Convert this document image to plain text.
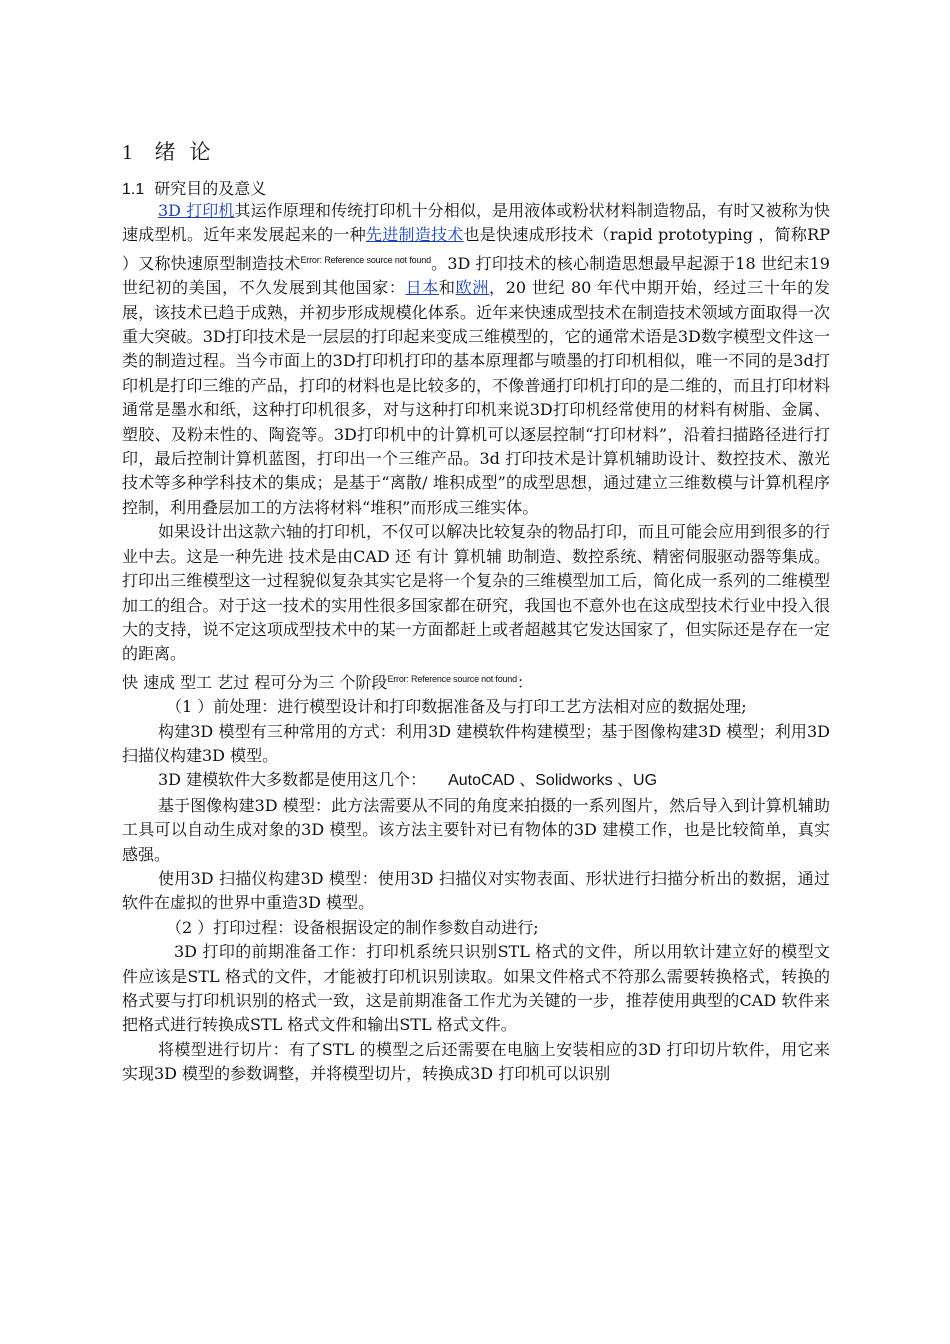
1 绪论
1.1 研究目的及意义

3D 打印机其运作原理和传统打印机十分相似，是用液体或粉状材料制造物品，有时又被称为快速成型机。近年来发展起来的一种先进制造技术也是快速成形技术（rapid prototyping ，简称RP ）又称快速原型制造技术$^{Error: Reference source not found}$。3D 打印技术的核心制造思想最早起源于18 世纪末19 世纪初的美国，不久发展到其他国家：日本和欧洲，20 世纪 80 年代中期开始，经过三十年的发展，该技术已趋于成熟，并初步形成规模化体系。近年来快速成型技术在制造技术领域方面取得一次重大突破。3D打印技术是一层层的打印起来变成三维模型的，它的通常术语是3D数字模型文件这一类的制造过程。当今市面上的3D打印机打印的基本原理都与喷墨的打印机相似，唯一不同的是3d打印机是打印三维的产品，打印的材料也是比较多的，不像普通打印机打印的是二维的，而且打印材料通常是墨水和纸，这种打印机很多，对与这种打印机来说3D打印机经常使用的材料有树脂、金属、塑胶、及粉末性的、陶瓷等。3D打印机中的计算机可以逐层控制“打印材料”，沿着扫描路径进行打印，最后控制计算机蓝图，打印出一个三维产品。3d 打印技术是计算机辅助设计、数控技术、激光技术等多种学科技术的集成；是基于“离散/ 堆积成型”的成型思想，通过建立三维数模与计算机程序控制，利用叠层加工的方法将材料“堆积”而形成三维实体。

如果设计出这款六轴的打印机，不仅可以解决比较复杂的物品打印，而且可能会应用到很多的行业中去。这是一种先进 技术是由CAD 还 有计 算机辅 助制造、数控系统、精密伺服驱动器等集成。打印出三维模型这一过程貌似复杂其实它是将一个复杂的三维模型加工后，简化成一系列的二维模型加工的组合。对于这一技术的实用性很多国家都在研究，我国也不意外也在这成型技术行业中投入很大的支持，说不定这项成型技术中的某一方面都赶上或者超越其它发达国家了，但实际还是存在一定的距离。

快 速成 型工 艺过 程可分为三 个阶段$^{Error: Reference source not found}$：

（1 ）前处理：进行模型设计和打印数据准备及与打印工艺方法相对应的数据处理;

构建3D 模型有三种常用的方式：利用3D 建模软件构建模型；基于图像构建3D 模型；利用3D 扫描仪构建3D 模型。

3D 建模软件大多数都是使用这几个： AutoCAD 、Solidworks 、UG

基于图像构建3D 模型：此方法需要从不同的角度来拍摄的一系列图片，然后导入到计算机辅助工具可以自动生成对象的3D 模型。该方法主要针对已有物体的3D 建模工作，也是比较简单，真实感强。

使用3D 扫描仪构建3D 模型：使用3D 扫描仪对实物表面、形状进行扫描分析出的数据，通过软件在虚拟的世界中重造3D 模型。

（2 ）打印过程：设备根据设定的制作参数自动进行;

3D 打印的前期准备工作：打印机系统只识别STL 格式的文件，所以用软计建立好的模型文件应该是STL 格式的文件，才能被打印机识别读取。如果文件格式不符那么需要转换格式，转换的格式要与打印机识别的格式一致，这是前期准备工作尤为关键的一步，推荐使用典型的CAD 软件来把格式进行转换成STL 格式文件和输出STL 格式文件。

将模型进行切片：有了STL 的模型之后还需要在电脑上安装相应的3D 打印切片软件，用它来实现3D 模型的参数调整，并将模型切片，转换成3D 打印机可以识别
